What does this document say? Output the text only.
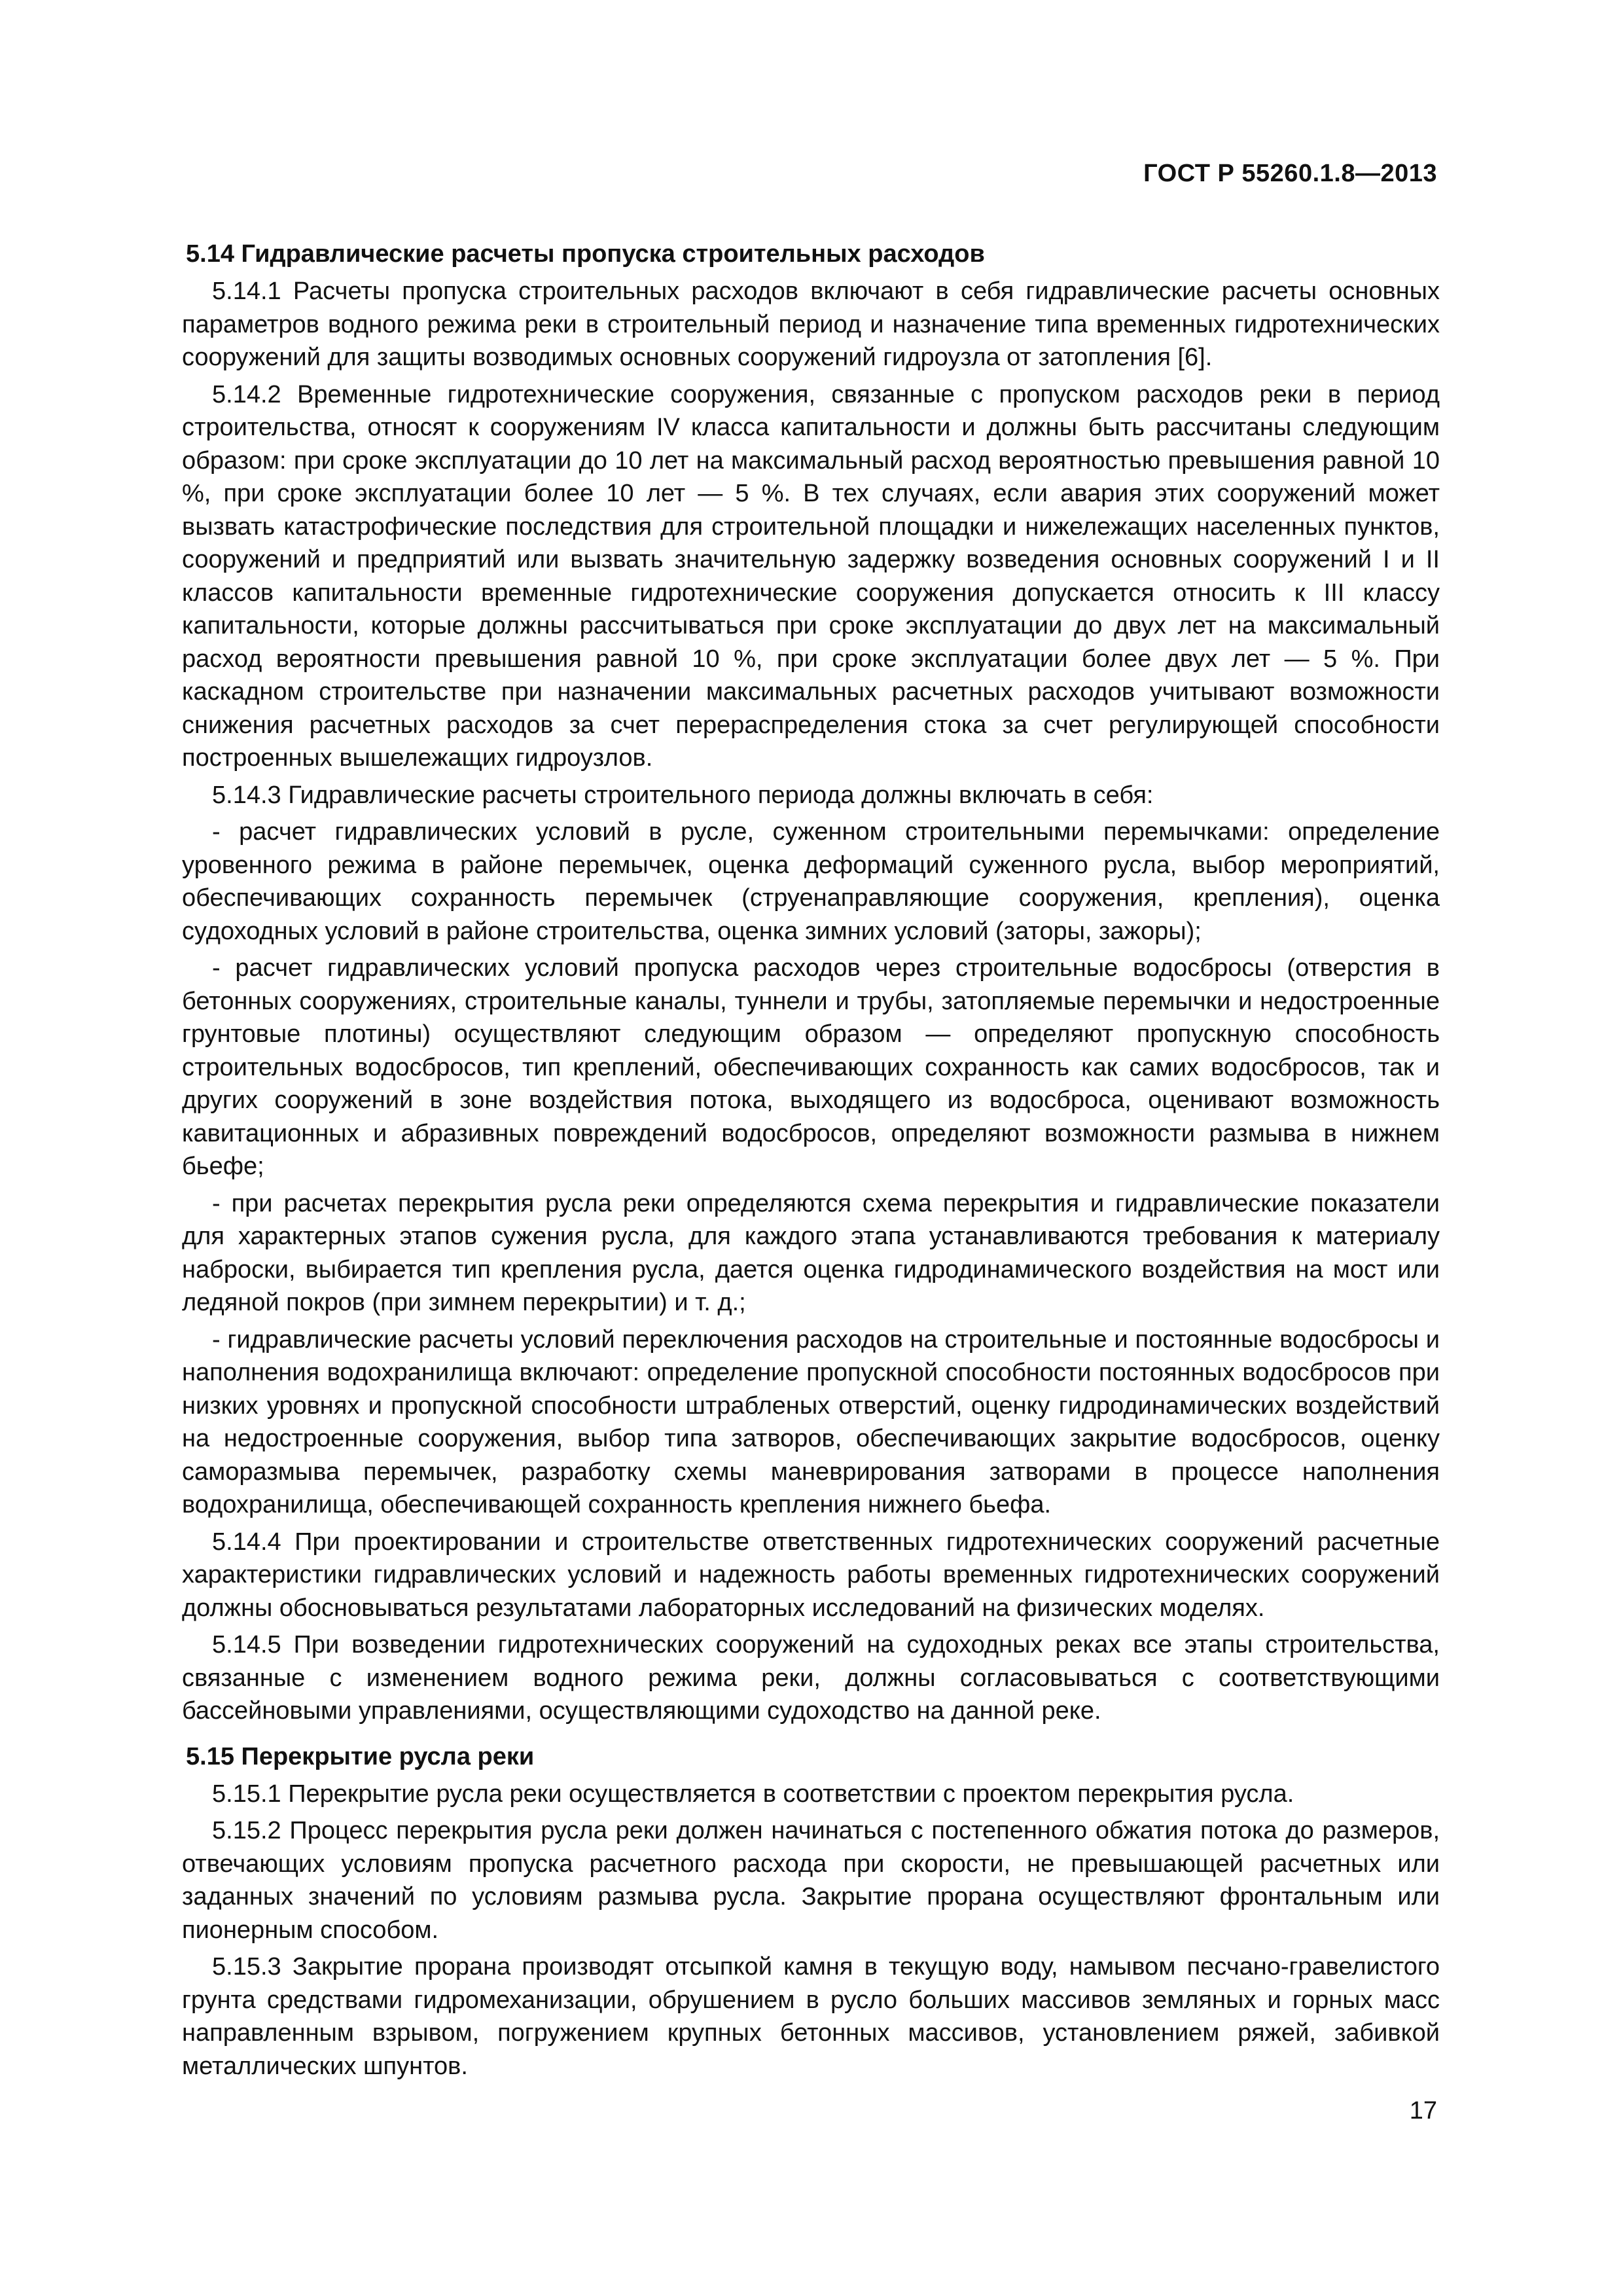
ГОСТ Р 55260.1.8—2013
5.14 Гидравлические расчеты пропуска строительных расходов

5.14.1 Расчеты пропуска строительных расходов включают в себя гидравлические расчеты основных параметров водного режима реки в строительный период и назначение типа временных гидротехнических сооружений для защиты возводимых основных сооружений гидроузла от затопления [6].

5.14.2 Временные гидротехнические сооружения, связанные с пропуском расходов реки в период строительства, относят к сооружениям IV класса капитальности и должны быть рассчитаны следующим образом: при сроке эксплуатации до 10 лет на максимальный расход вероятностью превышения равной 10 %, при сроке эксплуатации более 10 лет — 5 %. В тех случаях, если авария этих сооружений может вызвать катастрофические последствия для строительной площадки и нижележащих населенных пунктов, сооружений и предприятий или вызвать значительную задержку возведения основных сооружений I и II классов капитальности временные гидротехнические сооружения допускается относить к III классу капитальности, которые должны рассчитываться при сроке эксплуатации до двух лет на максимальный расход вероятности превышения равной 10 %, при сроке эксплуатации более двух лет — 5 %. При каскадном строительстве при назначении максимальных расчетных расходов учитывают возможности снижения расчетных расходов за счет перераспределения стока за счет регулирующей способности построенных вышележащих гидроузлов.

5.14.3 Гидравлические расчеты строительного периода должны включать в себя:

- расчет гидравлических условий в русле, суженном строительными перемычками: определение уровенного режима в районе перемычек, оценка деформаций суженного русла, выбор мероприятий, обеспечивающих сохранность перемычек (струенаправляющие сооружения, крепления), оценка судоходных условий в районе строительства, оценка зимних условий (заторы, зажоры);

- расчет гидравлических условий пропуска расходов через строительные водосбросы (отверстия в бетонных сооружениях, строительные каналы, туннели и трубы, затопляемые перемычки и недостроенные грунтовые плотины) осуществляют следующим образом — определяют пропускную способность строительных водосбросов, тип креплений, обеспечивающих сохранность как самих водосбросов, так и других сооружений в зоне воздействия потока, выходящего из водосброса, оценивают возможность кавитационных и абразивных повреждений водосбросов, определяют возможности размыва в нижнем бьефе;

- при расчетах перекрытия русла реки определяются схема перекрытия и гидравлические показатели для характерных этапов сужения русла, для каждого этапа устанавливаются требования к материалу наброски, выбирается тип крепления русла, дается оценка гидродинамического воздействия на мост или ледяной покров (при зимнем перекрытии) и т. д.;

- гидравлические расчеты условий переключения расходов на строительные и постоянные водосбросы и наполнения водохранилища включают: определение пропускной способности постоянных водосбросов при низких уровнях и пропускной способности штрабленых отверстий, оценку гидродинамических воздействий на недостроенные сооружения, выбор типа затворов, обеспечивающих закрытие водосбросов, оценку саморазмыва перемычек, разработку схемы маневрирования затворами в процессе наполнения водохранилища, обеспечивающей сохранность крепления нижнего бьефа.

5.14.4 При проектировании и строительстве ответственных гидротехнических сооружений расчетные характеристики гидравлических условий и надежность работы временных гидротехнических сооружений должны обосновываться результатами лабораторных исследований на физических моделях.

5.14.5 При возведении гидротехнических сооружений на судоходных реках все этапы строительства, связанные с изменением водного режима реки, должны согласовываться с соответствующими бассейновыми управлениями, осуществляющими судоходство на данной реке.

5.15 Перекрытие русла реки

5.15.1 Перекрытие русла реки осуществляется в соответствии с проектом перекрытия русла.

5.15.2 Процесс перекрытия русла реки должен начинаться с постепенного обжатия потока до размеров, отвечающих условиям пропуска расчетного расхода при скорости, не превышающей расчетных или заданных значений по условиям размыва русла. Закрытие прорана осуществляют фронтальным или пионерным способом.

5.15.3 Закрытие прорана производят отсыпкой камня в текущую воду, намывом песчано-гравелистого грунта средствами гидромеханизации, обрушением в русло больших массивов земляных и горных масс направленным взрывом, погружением крупных бетонных массивов, установлением ряжей, забивкой металлических шпунтов.

17
